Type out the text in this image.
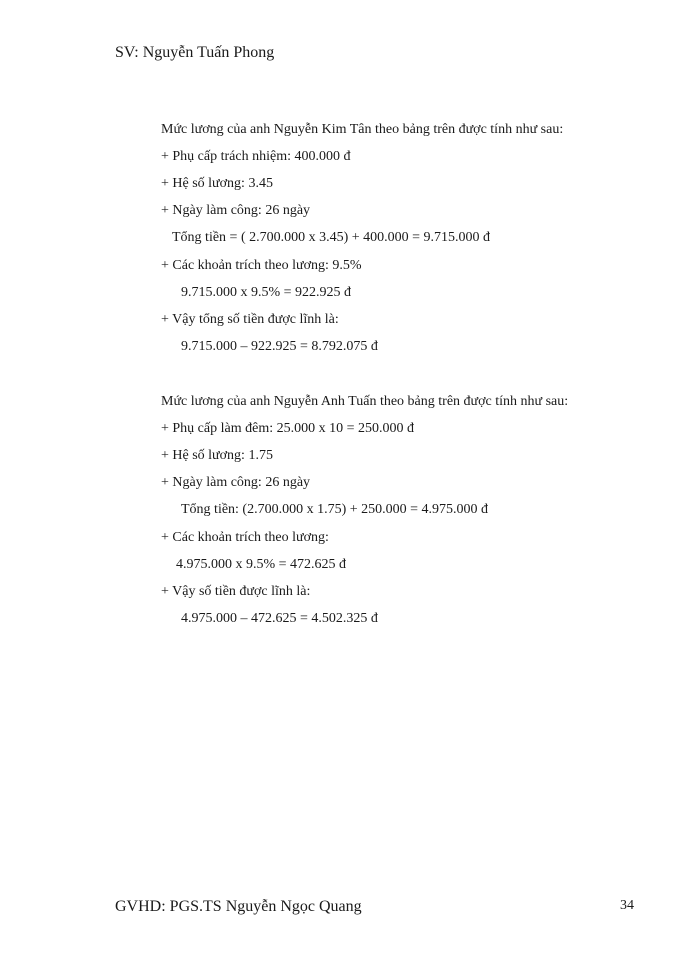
SV: Nguyễn Tuấn Phong
Mức lương của anh Nguyễn Kim Tân theo bảng trên được tính như sau:
+ Phụ cấp trách nhiệm: 400.000 đ
+ Hệ số lương: 3.45
+ Ngày làm công: 26 ngày
Tổng tiền = ( 2.700.000 x 3.45) + 400.000 = 9.715.000 đ
+ Các khoản trích theo lương: 9.5%
9.715.000 x 9.5% = 922.925 đ
+ Vậy tổng số tiền được lĩnh là:
9.715.000 – 922.925 = 8.792.075 đ
Mức lương của anh Nguyễn Anh Tuấn theo bảng trên được tính như sau:
+ Phụ cấp làm đêm: 25.000 x 10 = 250.000 đ
+ Hệ số lương: 1.75
+ Ngày làm công: 26 ngày
Tổng tiền: (2.700.000 x 1.75) + 250.000 = 4.975.000 đ
+ Các khoản trích theo lương:
4.975.000 x 9.5% = 472.625 đ
+ Vậy số tiền được lĩnh là:
4.975.000 – 472.625 = 4.502.325 đ
GVHD: PGS.TS Nguyễn Ngọc Quang	34
